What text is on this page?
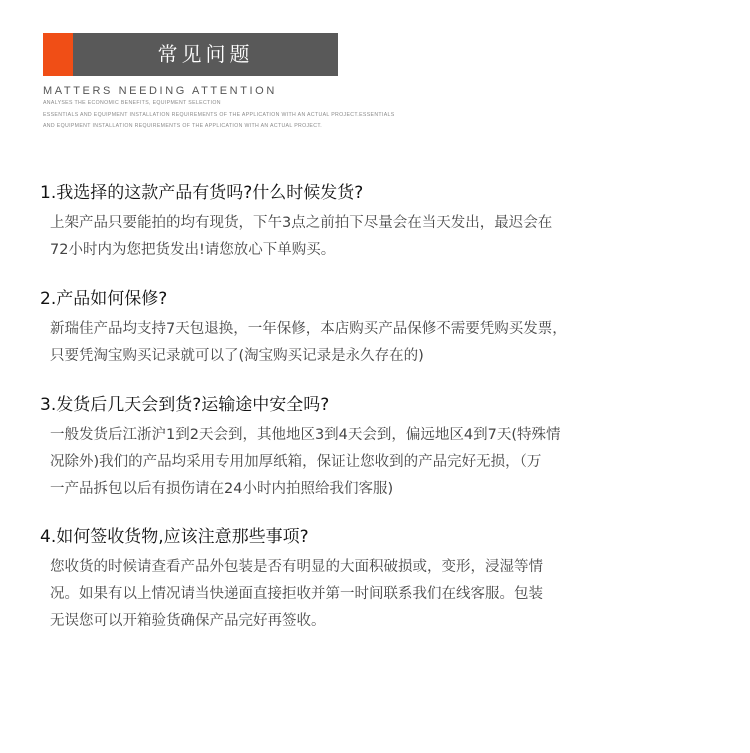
常见问题
MATTERS NEEDING ATTENTION
ANALYSES THE ECONOMIC BENEFITS, EQUIPMENT SELECTION
ESSENTIALS AND EQUIPMENT INSTALLATION REQUIREMENTS OF THE APPLICATION WITH AN ACTUAL PROJECT.ESSENTIALS
AND EQUIPMENT INSTALLATION REQUIREMENTS OF THE APPLICATION WITH AN ACTUAL PROJECT.
1.我选择的这款产品有货吗?什么时候发货?
上架产品只要能拍的均有现货，下午3点之前拍下尽量会在当天发出，最迟会在
72小时内为您把货发出!请您放心下单购买。
2.产品如何保修?
新瑞佳产品均支持7天包退换，一年保修，本店购买产品保修不需要凭购买发票，
只要凭淘宝购买记录就可以了(淘宝购买记录是永久存在的)
3.发货后几天会到货?运输途中安全吗?
一般发货后江浙沪1到2天会到，其他地区3到4天会到，偏远地区4到7天(特殊情
况除外)我们的产品均采用专用加厚纸箱，保证让您收到的产品完好无损，（万
一产品拆包以后有损伤请在24小时内拍照给我们客服)
4.如何签收货物,应该注意那些事项?
您收货的时候请查看产品外包装是否有明显的大面积破损或，变形，浸湿等情
况。如果有以上情况请当快递面直接拒收并第一时间联系我们在线客服。包装
无误您可以开箱验货确保产品完好再签收。
